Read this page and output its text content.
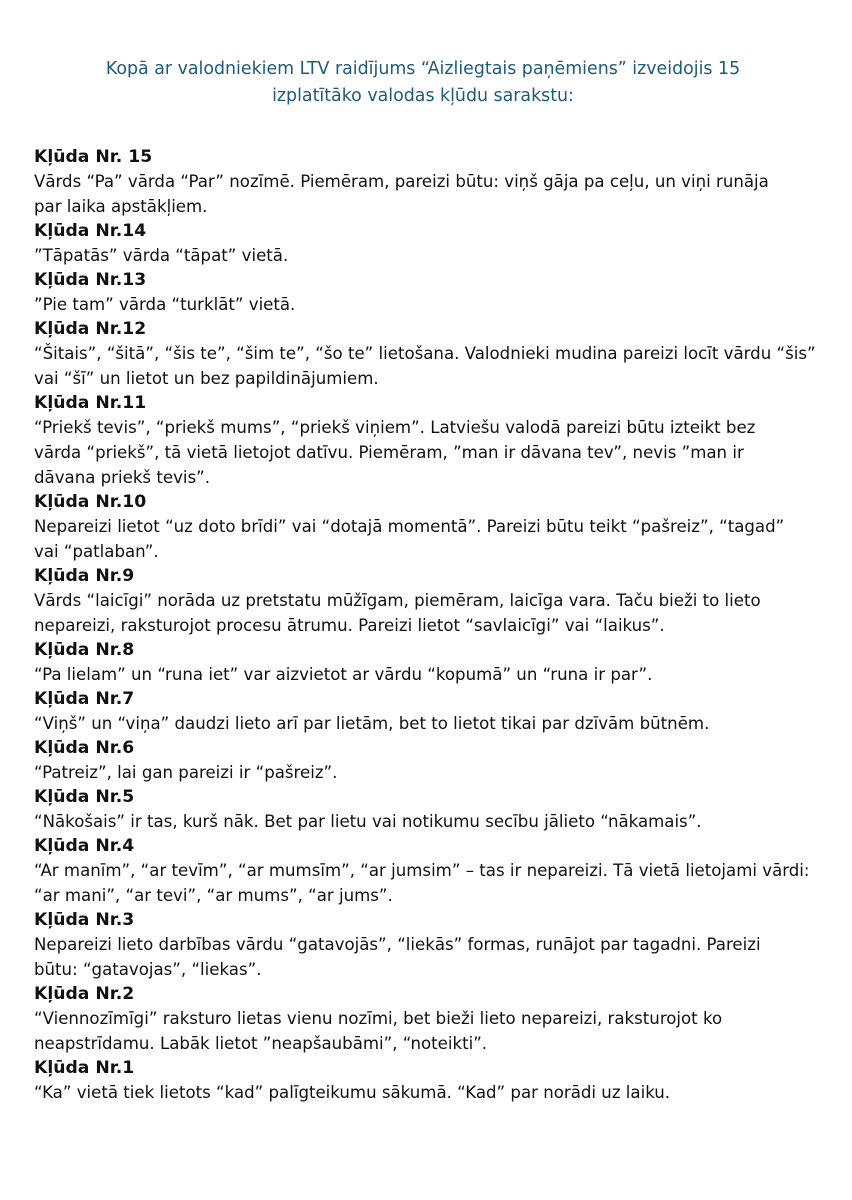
Kopā ar valodniekiem LTV raidījums “Aizliegtais paņēmiens” izveidojis 15
izplatītāko valodas kļūdu sarakstu:
Kļūda Nr. 15
Vārds “Pa” vārda “Par” nozīmē. Piemēram, pareizi būtu: viņš gāja pa ceļu, un viņi runāja
par laika apstākļiem.
Kļūda Nr.14
”Tāpatās” vārda “tāpat” vietā.
Kļūda Nr.13
”Pie tam” vārda “turklāt” vietā.
Kļūda Nr.12
“Šitais”, “šitā”, “šis te”, “šim te”, “šo te” lietošana. Valodnieki mudina pareizi locīt vārdu “šis”
vai “šī” un lietot un bez papildinājumiem.
Kļūda Nr.11
“Priekš tevis”, “priekš mums”, “priekš viņiem”. Latviešu valodā pareizi būtu izteikt bez
vārda “priekš”, tā vietā lietojot datīvu. Piemēram, ”man ir dāvana tev”, nevis ”man ir
dāvana priekš tevis”.
Kļūda Nr.10
Nepareizi lietot “uz doto brīdi” vai “dotajā momentā”. Pareizi būtu teikt “pašreiz”, “tagad”
vai “patlaban”.
Kļūda Nr.9
Vārds “laicīgi” norāda uz pretstatu mūžīgam, piemēram, laicīga vara. Taču bieži to lieto
nepareizi, raksturojot procesu ātrumu. Pareizi lietot “savlaicīgi” vai “laikus”.
Kļūda Nr.8
“Pa lielam” un “runa iet” var aizvietot ar vārdu “kopumā” un “runa ir par”.
Kļūda Nr.7
“Viņš” un “viņa” daudzi lieto arī par lietām, bet to lietot tikai par dzīvām būtnēm.
Kļūda Nr.6
“Patreiz”, lai gan pareizi ir “pašreiz”.
Kļūda Nr.5
“Nākošais” ir tas, kurš nāk. Bet par lietu vai notikumu secību jālieto “nākamais”.
Kļūda Nr.4
“Ar manīm”, “ar tevīm”, “ar mumsīm”, “ar jumsim” – tas ir nepareizi. Tā vietā lietojami vārdi:
“ar mani”, “ar tevi”, “ar mums”, “ar jums”.
Kļūda Nr.3
Nepareizi lieto darbības vārdu “gatavojās”, “liekās” formas, runājot par tagadni. Pareizi
būtu: “gatavojas”, “liekas”.
Kļūda Nr.2
“Viennozīmīgi” raksturo lietas vienu nozīmi, bet bieži lieto nepareizi, raksturojot ko
neapstrīdamu. Labāk lietot ”neapšaubāmi”, “noteikti”.
Kļūda Nr.1
“Ka” vietā tiek lietots “kad” palīgteikumu sākumā. “Kad” par norādi uz laiku.
